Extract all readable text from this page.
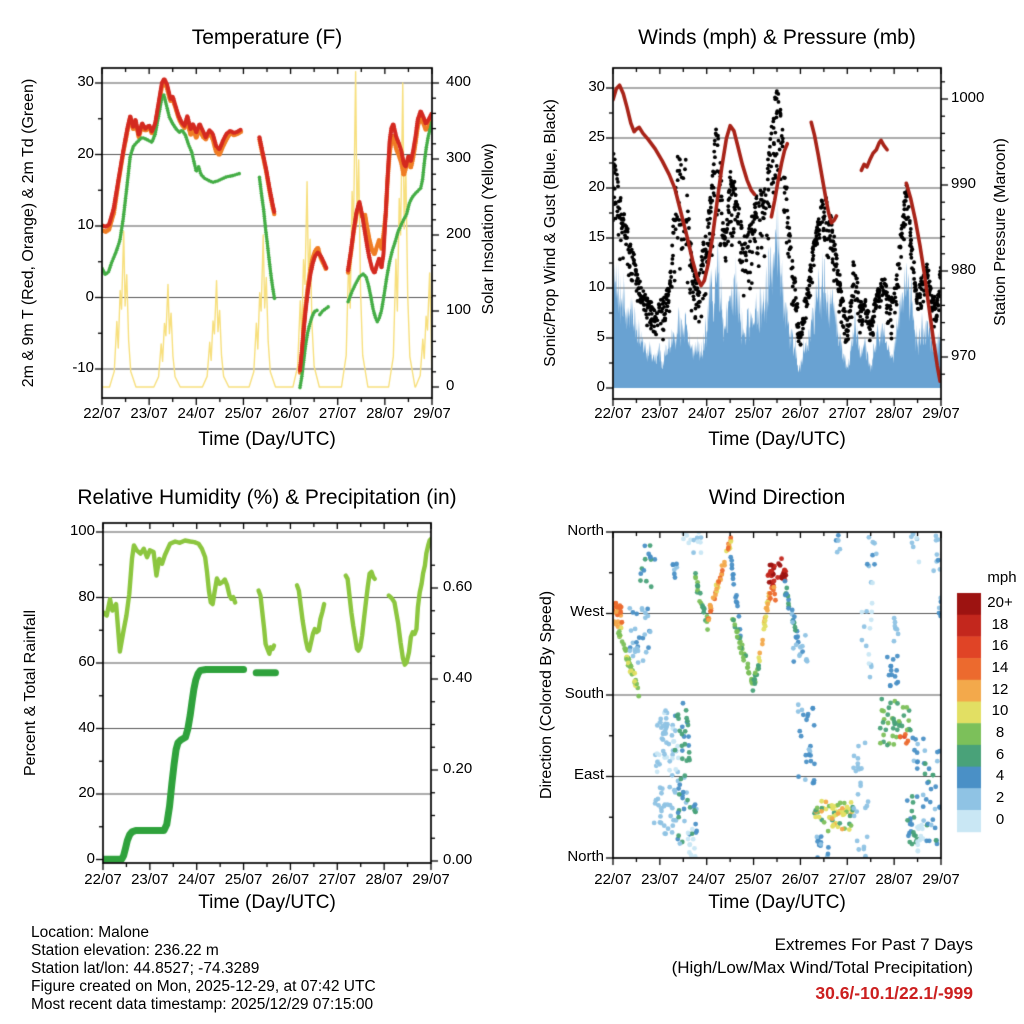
Temperature (F)	Winds (mph) & Pressure (mb)
Relative Humidity (%) & Precipitation (in)	Wind Direction
Time (Day/UTC)	Time (Day/UTC)
Time (Day/UTC)	Time (Day/UTC)
2m & 9m T (Red, Orange) & 2m Td (Green)	Solar Insolation (Yellow)	Sonic/Prop Wind & Gust (Blue, Black)	Station Pressure (Maroon)
Percent & Total Rainfall	Direction (Colored By Speed)
mph
Location: Malone
Station elevation: 236.22 m
Station lat/lon: 44.8527; -74.3289
Figure created on Mon, 2025-12-29, at 07:42 UTC
Most recent data timestamp: 2025/12/29 07:15:00
Extremes For Past 7 Days
(High/Low/Max Wind/Total Precipitation)
30.6/-10.1/22.1/-999
30
20
10
0
-10
400
300
200
100
0
22/07 23/07 24/07 25/07 26/07 27/07 28/07 29/07
30
25
20
15
10
5
0
1000
990
980
970
22/07 23/07 24/07 25/07 26/07 27/07 28/07 29/07
100
80
60
40
20
0
0.60
0.40
0.20
0.00
22/07 23/07 24/07 25/07 26/07 27/07 28/07 29/07
North
West
South
East
North
22/07 23/07 24/07 25/07 26/07 27/07 28/07 29/07
20+
18
16
14
12
10
8
6
4
2
0
